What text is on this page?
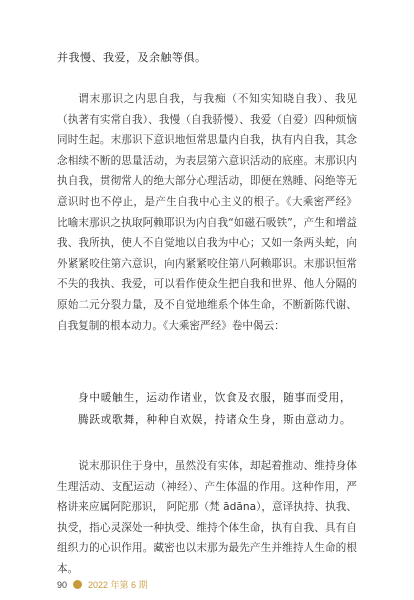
并我慢、我爱，及余触等俱。

谓末那识之内思自我，与我痴（不知实知晓自我）、我见（执著有实常自我）、我慢（自我骄慢）、我爱（自爱）四种烦恼同时生起。末那识下意识地恒常思量内自我，执有内自我，其念念相续不断的思量活动，为表层第六意识活动的底座。末那识内执自我，贯彻常人的绝大部分心理活动，即便在熟睡、闷绝等无意识时也不停止，是产生自我中心主义的根子。《大乘密严经》比喻末那识之执取阿赖耶识为内自我“如磁石吸铁”，产生和增益我、我所执，使人不自觉地以自我为中心；又如一条两头蛇，向外紧紧咬住第六意识，向内紧紧咬住第八阿赖耶识。末那识恒常不失的我执、我爱，可以看作使众生把自我和世界、他人分隔的原始二元分裂力量，及不自觉地维系个体生命，不断新陈代谢、自我复制的根本动力。《大乘密严经》卷中偈云：

身中暖触生，运动作诸业，饮食及衣服，随事而受用，
腾跃或歌舞，种种自欢娱，持诸众生身，斯由意动力。

说末那识住于身中，虽然没有实体，却起着推动、维持身体生理活动、支配运动（神经）、产生体温的作用。这种作用，严格讲来应属阿陀那识， 阿陀那（梵 ādāna），意译执持、执我、执受，指心灵深处一种执受、维持个体生命，执有自我、具有自组织力的心识作用。藏密也以末那为最先产生并维持人生命的根本。

90 2022 年第 6 期
